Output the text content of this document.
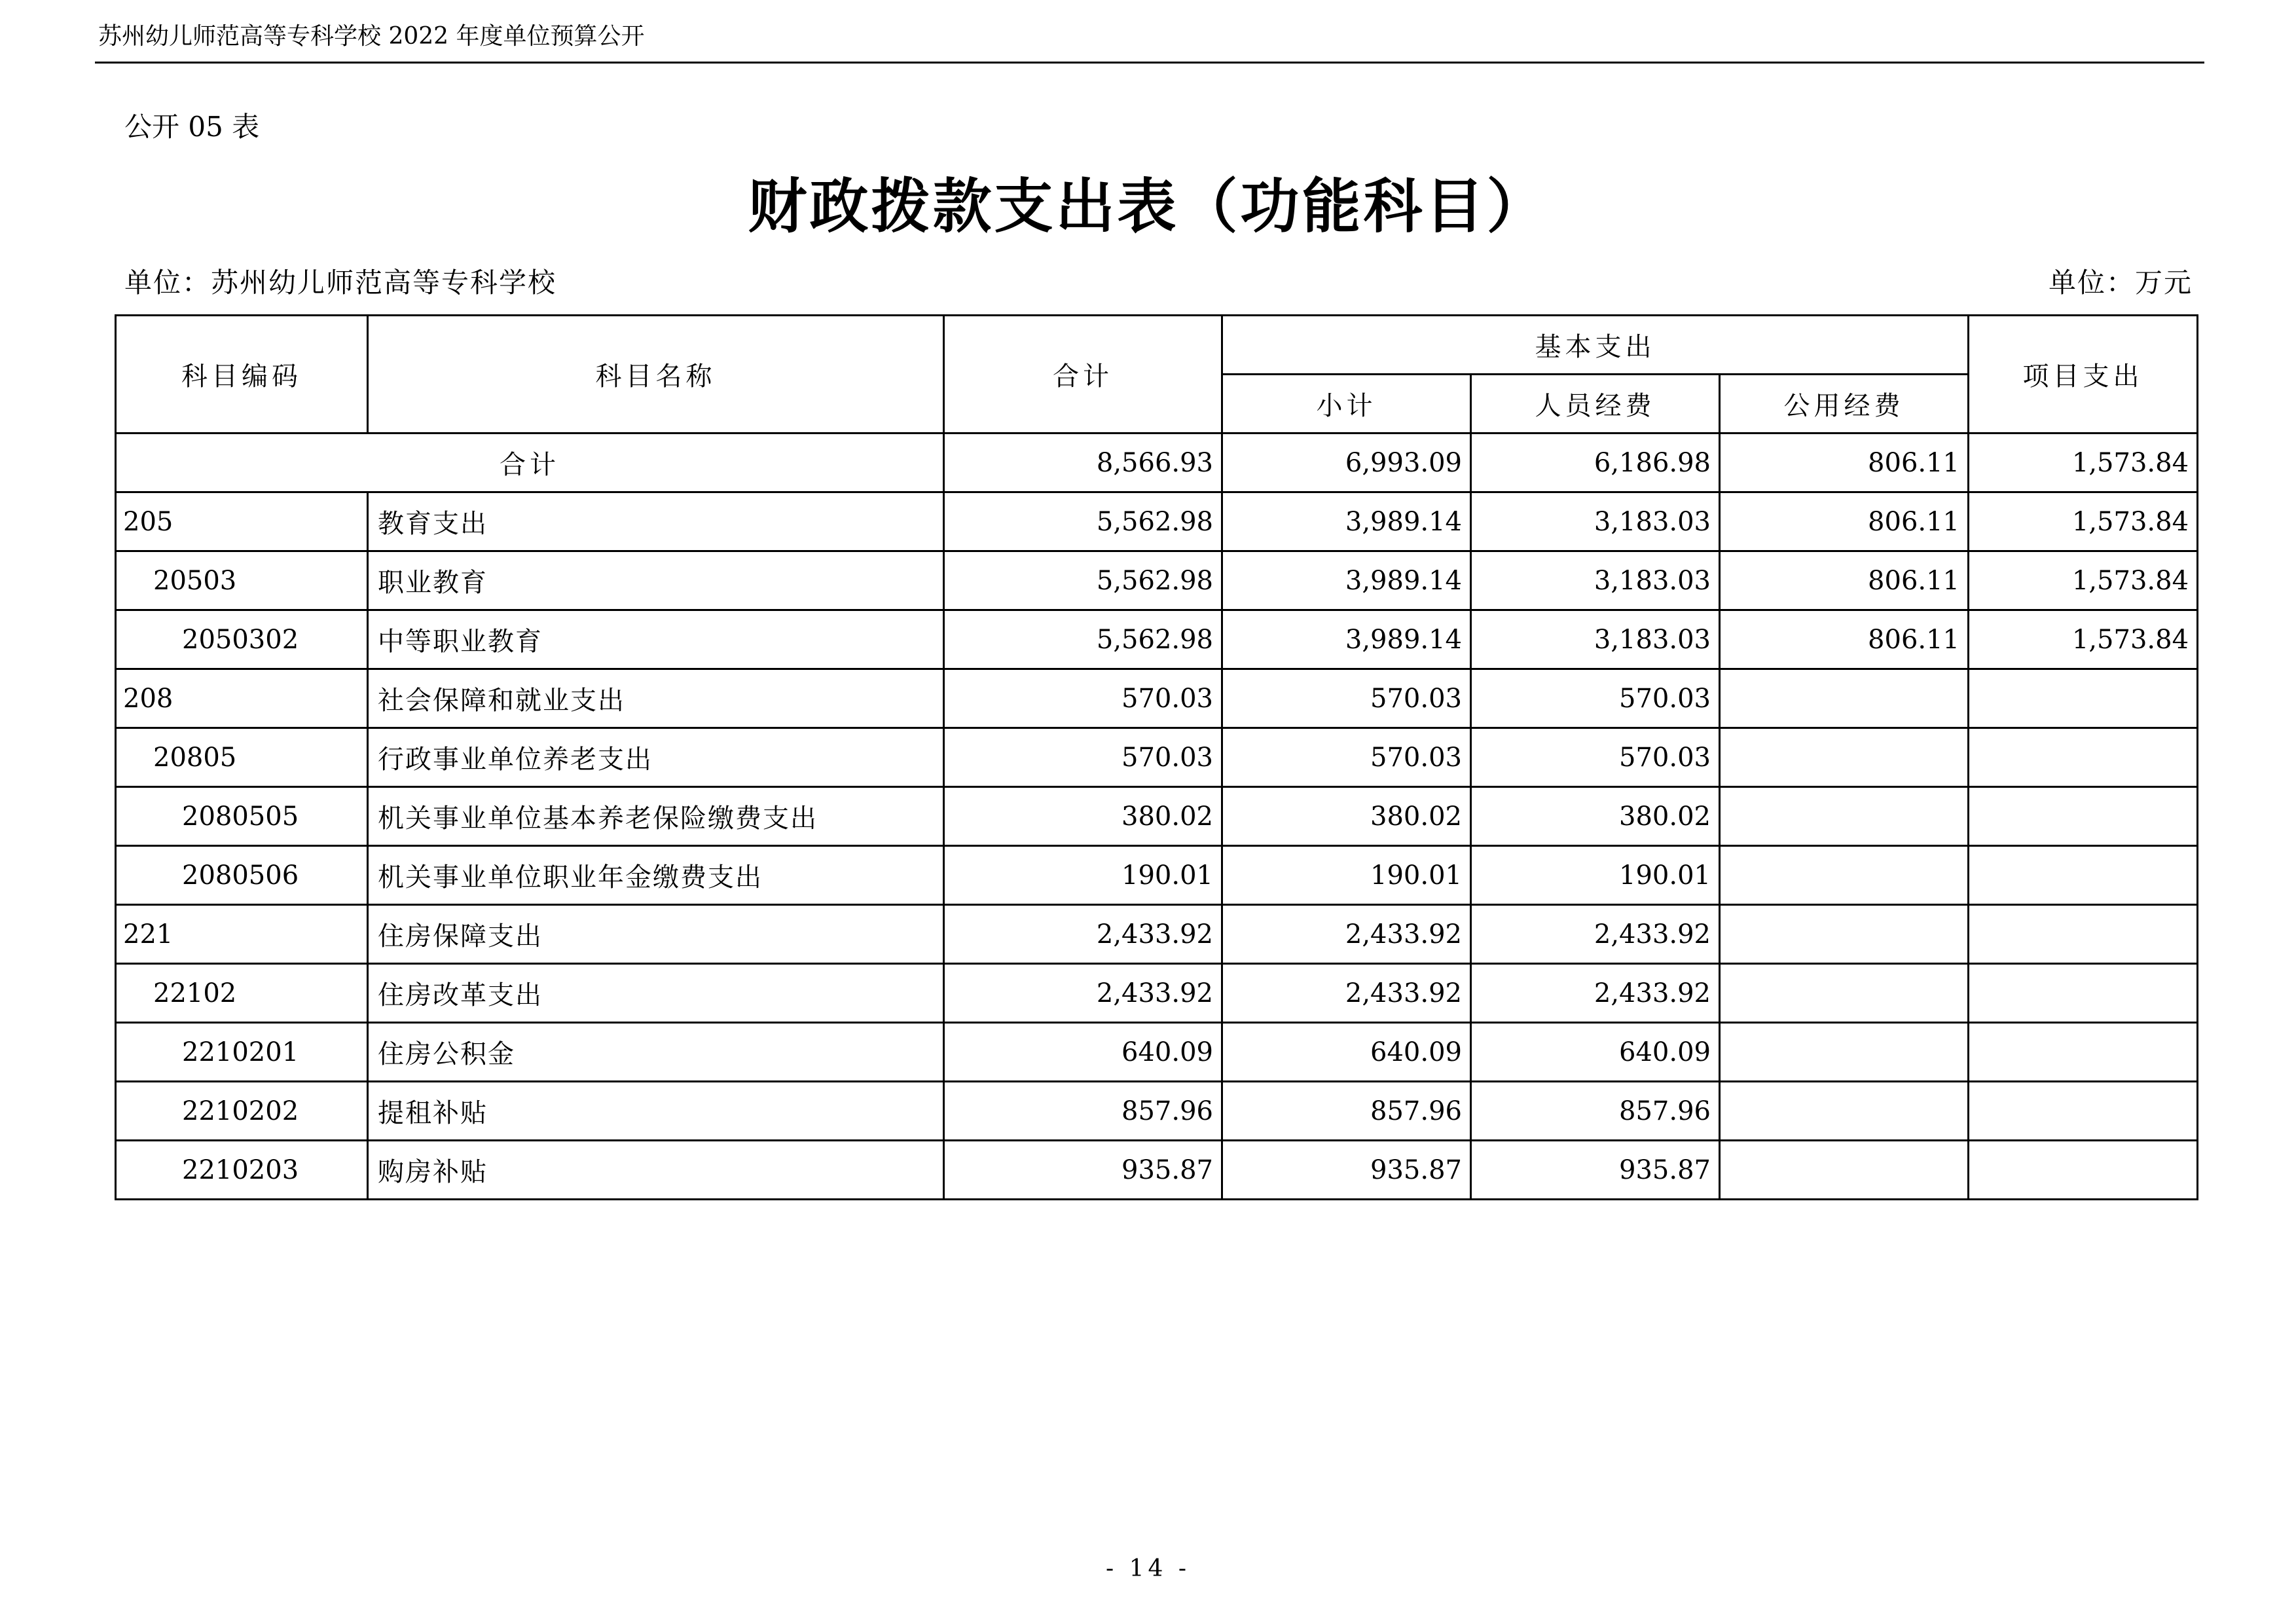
苏州幼儿师范高等专科学校 2022 年度单位预算公开
公开 05 表
财政拨款支出表（功能科目）
单位：苏州幼儿师范高等专科学校	单位：万元
科目编码	科目名称	合计	基本支出			项目支出
			小计	人员经费	公用经费	
合计		8,566.93	6,993.09	6,186.98	806.11	1,573.84
205	教育支出	5,562.98	3,989.14	3,183.03	806.11	1,573.84
20503	职业教育	5,562.98	3,989.14	3,183.03	806.11	1,573.84
2050302	中等职业教育	5,562.98	3,989.14	3,183.03	806.11	1,573.84
208	社会保障和就业支出	570.03	570.03	570.03		
20805	行政事业单位养老支出	570.03	570.03	570.03		
2080505	机关事业单位基本养老保险缴费支出	380.02	380.02	380.02		
2080506	机关事业单位职业年金缴费支出	190.01	190.01	190.01		
221	住房保障支出	2,433.92	2,433.92	2,433.92		
22102	住房改革支出	2,433.92	2,433.92	2,433.92		
2210201	住房公积金	640.09	640.09	640.09		
2210202	提租补贴	857.96	857.96	857.96		
2210203	购房补贴	935.87	935.87	935.87		
- 14 -
